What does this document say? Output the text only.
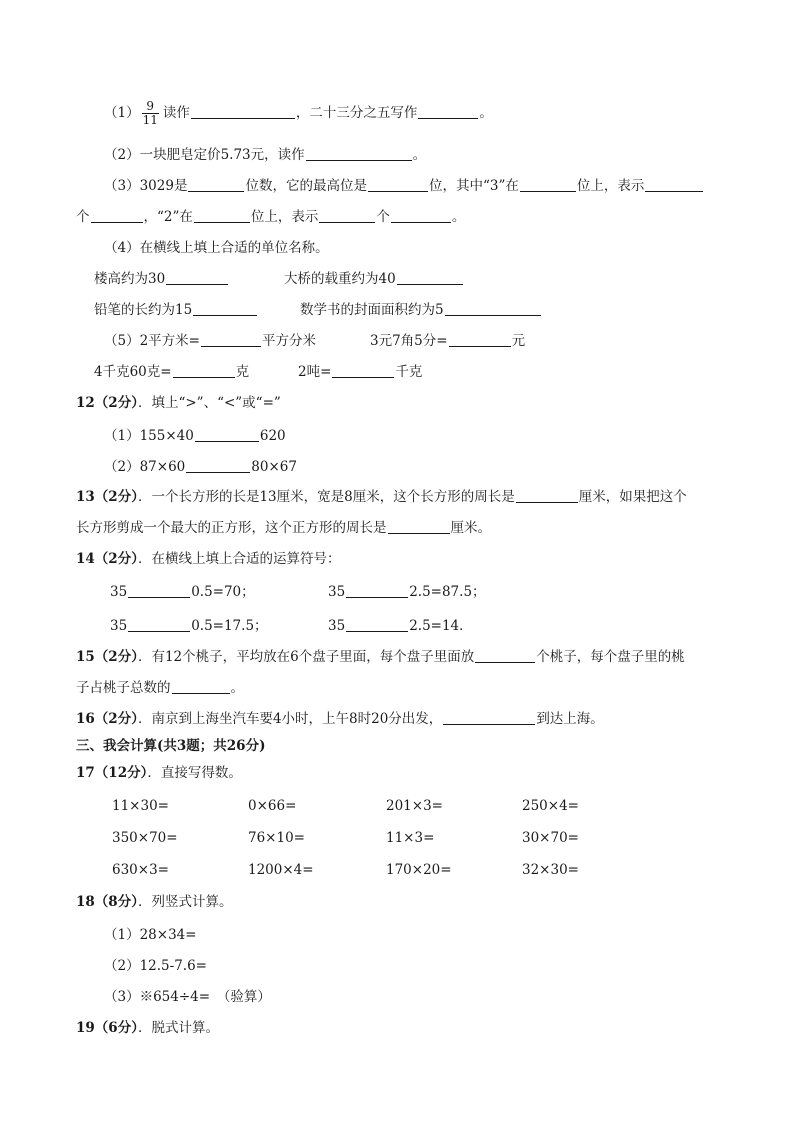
$(1) \frac{9}{11}$ 读作	，二十三分之五写作	。
（2）一块肥皂定价5.73元，读作	。
（3）3029是	位数，它的最高位是	位，其中“3”在	位上，表示
个	，“2”在	位上，表示	个	。
（4）在横线上填上合适的单位名称。
楼高约为30	大桥的载重约为40
铅笔的长约为15	数学书的封面面积约为5
（5）2平方米=	平方分米	3元7角5分=	元
4千克60克=	克	2吨=	千克
12（2分）．填上“>”、“<”或“=”
（1）155×40	620
（2）87×60	80×67
13（2分）．一个长方形的长是13厘米，宽是8厘米，这个长方形的周长是	厘米，如果把这个
长方形剪成一个最大的正方形，这个正方形的周长是	厘米。
14（2分）．在横线上填上合适的运算符号：
35	0.5=70；	35	2.5=87.5；
35	0.5=17.5；	35	2.5=14．
15（2分）．有12个桃子，平均放在6个盘子里面，每个盘子里面放	个桃子，每个盘子里的桃
子占桃子总数的	。
16（2分）．南京到上海坐汽车要4小时，上午8时20分出发，	到达上海。
三、我会计算(共3题；共26分)
17（12分）．直接写得数。
11×30=	0×66=	201×3=	250×4=
350×70=	76×10=	11×3=	30×70=
630×3=	1200×4=	170×20=	32×30=
18（8分）．列竖式计算。
（1）28×34=
（2）12.5-7.6=
（3）※654÷4=　（验算）
19（6分）．脱式计算。
